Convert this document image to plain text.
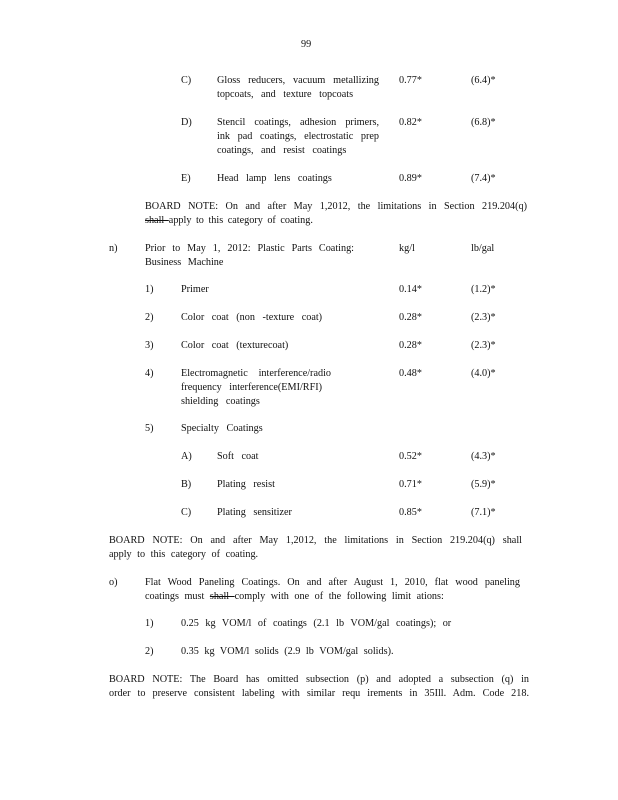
99
C)	Gloss reducers, vacuum metallizing
topcoats, and texture topcoats
0.77*	(6.4)*
D) Stencil coatings, adhesion primers,
ink pad coatings, electrostatic prep
coatings, and resist coatings
0.82*	(6.8)*
E)	Head lamp lens coatings	0.89*	(7.4)*
BOARD NOTE: On and after May 1,2012, the limitations in Section 219.204(q)
shall apply to this category of coating.
n)	Prior to May 1, 2012: Plastic Parts Coating:
Business Machine
kg/l	lb/gal
1)	Primer	0.14*	(1.2)*
2)	Color coat (non -texture coat)	0.28*	(2.3)*
3)	Color coat (texturecoat)	0.28*	(2.3)*
4)	Electromagnetic interference/radio
frequency interference(EMI/RFI)
shielding coatings
0.48*	(4.0)*
5)	Specialty Coatings
A) Soft coat	0.52*	(4.3)*
B)	Plating resist	0.71*	(5.9)*
C)	Plating sensitizer	0.85*	(7.1)*
BOARD NOTE: On and after May 1,2012, the limitations in Section 219.204(q) shall
apply to this category of coating.
o)	Flat Wood Paneling Coatings. On and after August 1, 2010, flat wood paneling
coatings must shall comply with one of the following limit ations:
1)	0.25 kg VOM/l of coatings (2.1 lb VOM/gal coatings); or
2)	0.35 kg VOM/l solids (2.9 lb VOM/gal solids).
BOARD NOTE: The Board has omitted subsection (p) and adopted a subsection (q) in
order to preserve consistent labeling with similar requ irements in 35Ill. Adm. Code 218.
